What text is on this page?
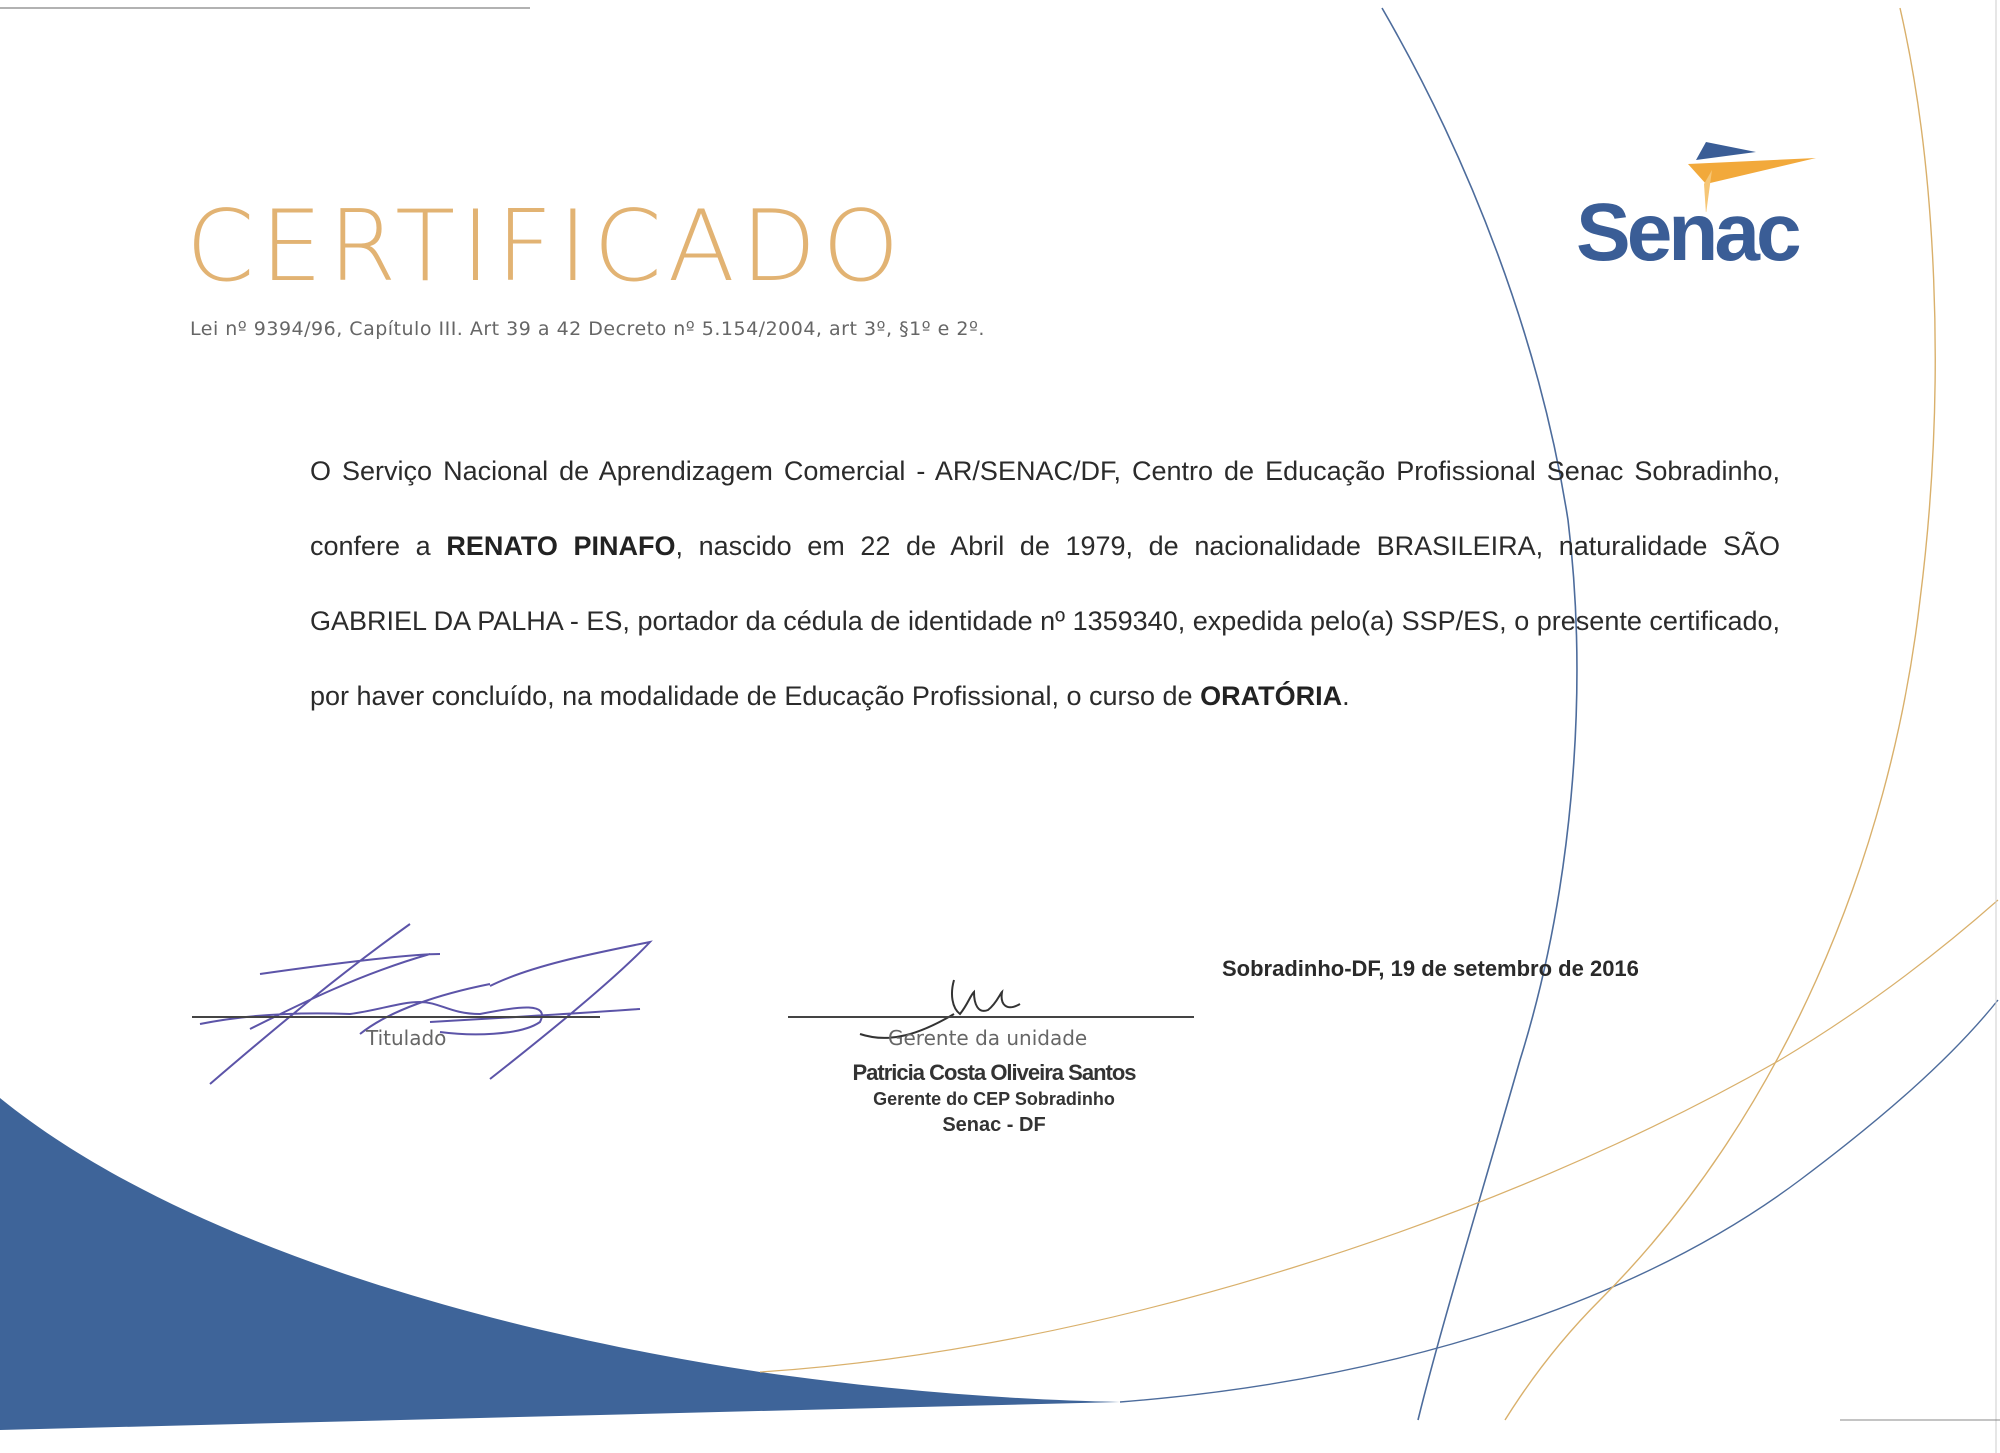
CERTIFICADO
Lei nº 9394/96, Capítulo III. Art 39 a 42 Decreto nº 5.154/2004, art 3º, §1º e 2º.
Senac

O Serviço Nacional de Aprendizagem Comercial - AR/SENAC/DF, Centro de Educação Profissional Senac Sobradinho, confere a RENATO PINAFO, nascido em 22 de Abril de 1979, de nacionalidade BRASILEIRA, naturalidade SÃO GABRIEL DA PALHA - ES, portador da cédula de identidade nº 1359340, expedida pelo(a) SSP/ES, o presente certificado, por haver concluído, na modalidade de Educação Profissional, o curso de ORATÓRIA.

Titulado	Gerente da unidade
Patricia Costa Oliveira Santos
Gerente do CEP Sobradinho
Senac - DF
Sobradinho-DF, 19 de setembro de 2016
